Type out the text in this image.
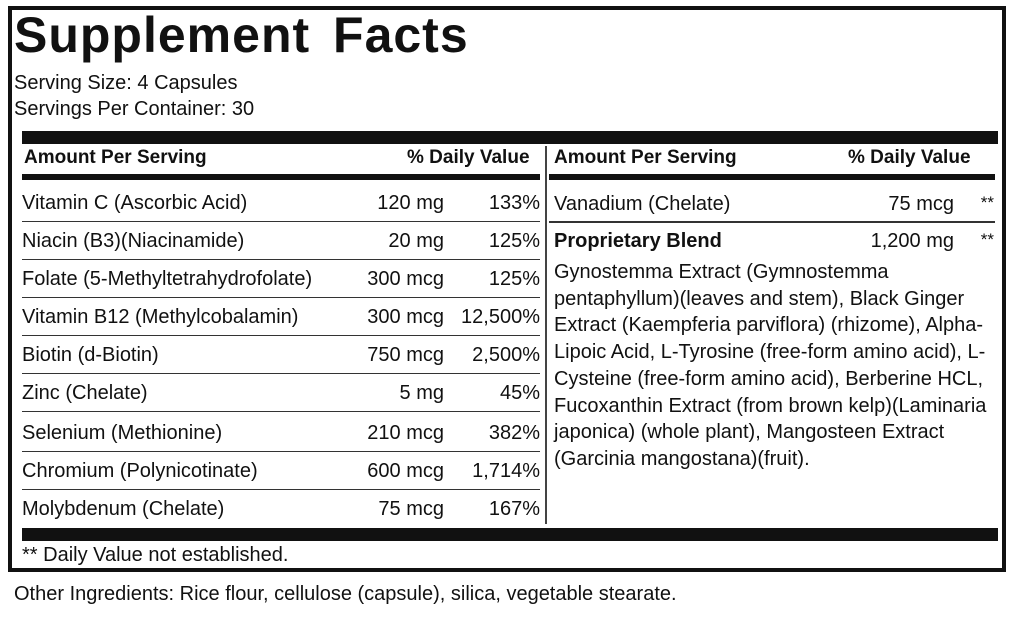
Supplement Facts
Serving Size: 4 Capsules
Servings Per Container: 30
Amount Per Serving	% Daily Value Amount Per Serving	% Daily Value
Vitamin C (Ascorbic Acid)	120 mg 133%
Niacin (B3)(Niacinamide)	20 mg 125%
Folate (5-Methyltetrahydrofolate)	300 mcg 125%
Vitamin B12 (Methylcobalamin)	300 mcg 12,500%
Biotin (d-Biotin)	750 mcg 2,500%
Zinc (Chelate)	5 mg	45%
Selenium (Methionine)	210 mcg 382%
Chromium (Polynicotinate)	600 mcg 1,714%
Molybdenum (Chelate)	75 mcg 167%
Vanadium (Chelate)	75 mcg **
Proprietary Blend	1,200 mg **
Gynostemma Extract (Gymnostemma pentaphyllum)(leaves and stem), Black Ginger Extract (Kaempferia parviflora) (rhizome), Alpha-Lipoic Acid, L-Tyrosine (free-form amino acid), L-Cysteine (free-form amino acid), Berberine HCL, Fucoxanthin Extract (from brown kelp)(Laminaria japonica) (whole plant), Mangosteen Extract (Garcinia mangostana)(fruit).
** Daily Value not established.
Other Ingredients: Rice flour, cellulose (capsule), silica, vegetable stearate.
